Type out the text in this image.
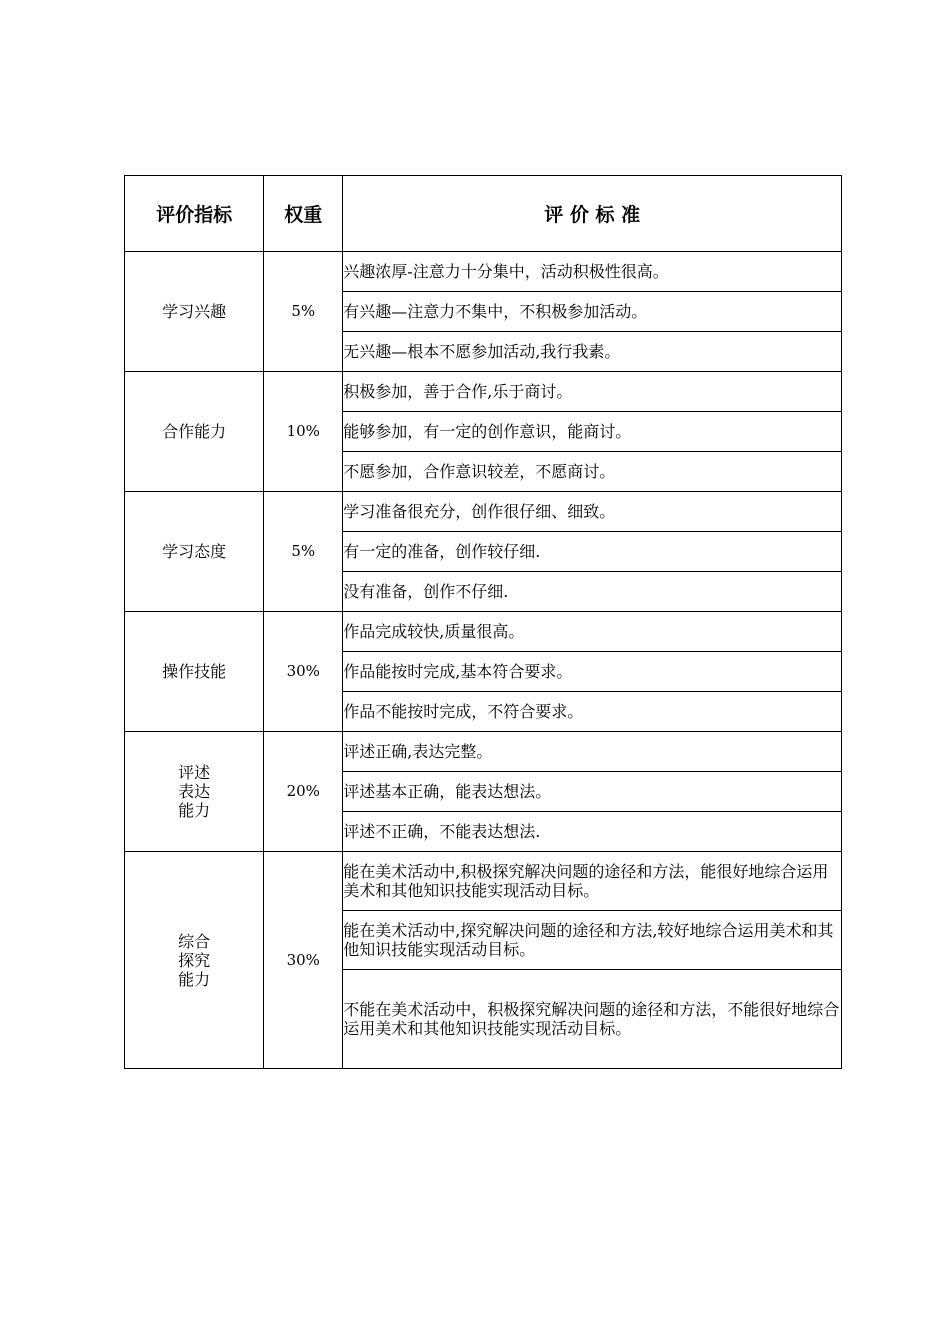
评价指标	权重	评 价 标 准
学习兴趣	5%	兴趣浓厚-注意力十分集中，活动积极性很高。
		有兴趣—注意力不集中，不积极参加活动。
		无兴趣—根本不愿参加活动,我行我素。
合作能力	10%	积极参加，善于合作,乐于商讨。
		能够参加，有一定的创作意识，能商讨。
		不愿参加，合作意识较差，不愿商讨。
学习态度	5%	学习准备很充分，创作很仔细、细致。
		有一定的准备，创作较仔细.
		没有准备，创作不仔细.
操作技能	30%	作品完成较快,质量很高。
		作品能按时完成,基本符合要求。
		作品不能按时完成，不符合要求。
评述表达能力	20%	评述正确,表达完整。
		评述基本正确，能表达想法。
		评述不正确，不能表达想法.
综合探究能力	30%	能在美术活动中,积极探究解决问题的途径和方法，能很好地综合运用美术和其他知识技能实现活动目标。
		能在美术活动中,探究解决问题的途径和方法,较好地综合运用美术和其他知识技能实现活动目标。
		不能在美术活动中，积极探究解决问题的途径和方法，不能很好地综合运用美术和其他知识技能实现活动目标。
